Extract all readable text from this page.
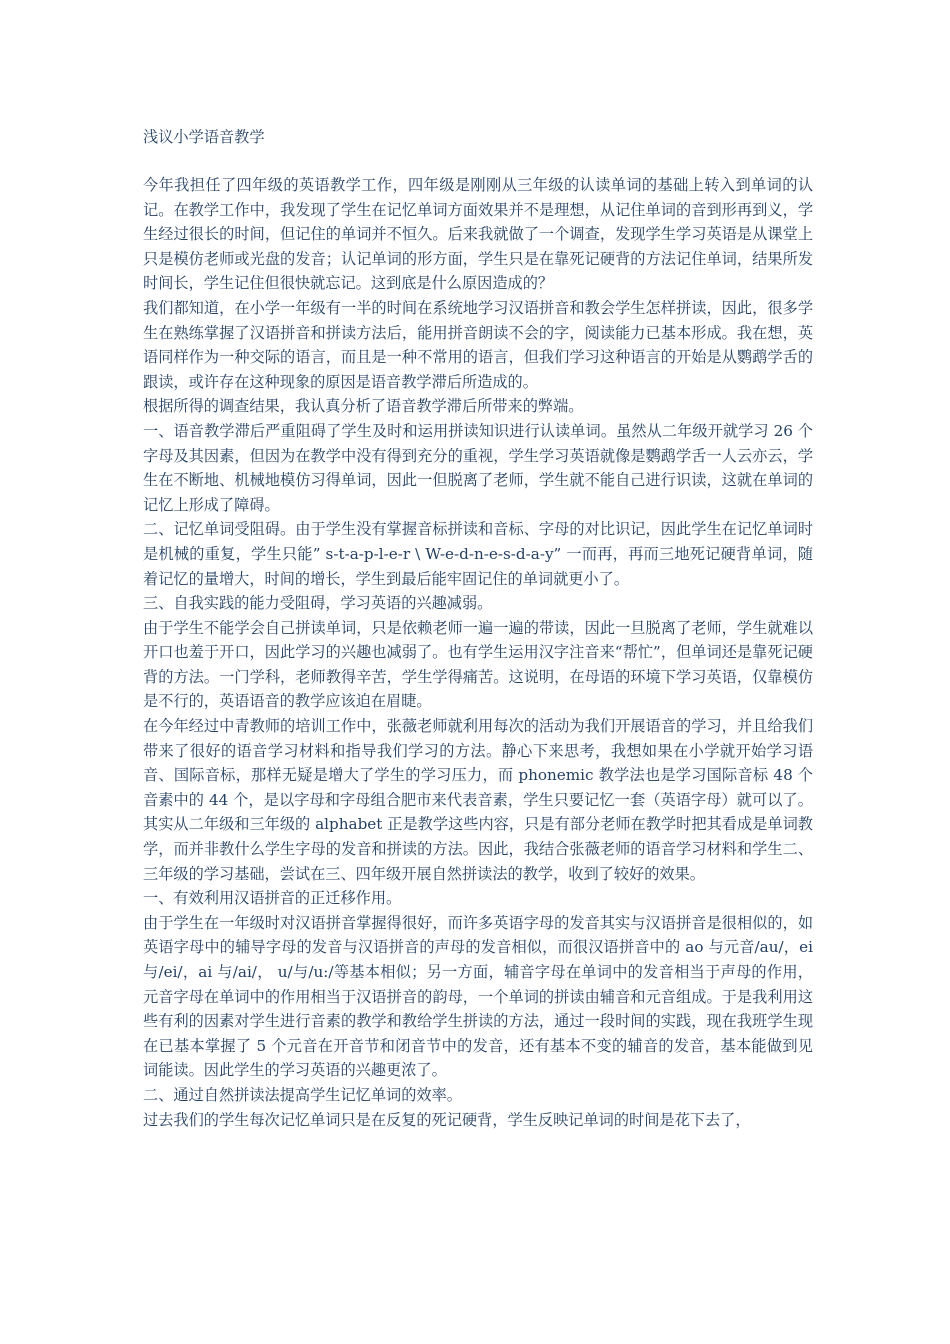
浅议小学语音教学

今年我担任了四年级的英语教学工作，四年级是刚刚从三年级的认读单词的基础上转入到单词的认记。在教学工作中，我发现了学生在记忆单词方面效果并不是理想，从记住单词的音到形再到义，学生经过很长的时间，但记住的单词并不恒久。后来我就做了一个调查，发现学生学习英语是从课堂上只是模仿老师或光盘的发音；认记单词的形方面，学生只是在靠死记硬背的方法记住单词，结果所发时间长，学生记住但很快就忘记。这到底是什么原因造成的？

我们都知道，在小学一年级有一半的时间在系统地学习汉语拼音和教会学生怎样拼读，因此，很多学生在熟练掌握了汉语拼音和拼读方法后，能用拼音朗读不会的字，阅读能力已基本形成。我在想，英语同样作为一种交际的语言，而且是一种不常用的语言，但我们学习这种语言的开始是从鹦鹉学舌的跟读，或许存在这种现象的原因是语音教学滞后所造成的。

根据所得的调查结果，我认真分析了语音教学滞后所带来的弊端。

一、语音教学滞后严重阻碍了学生及时和运用拼读知识进行认读单词。虽然从二年级开就学习 26 个字母及其因素，但因为在教学中没有得到充分的重视，学生学习英语就像是鹦鹉学舌一人云亦云，学生在不断地、机械地模仿习得单词，因此一但脱离了老师，学生就不能自己进行识读，这就在单词的记忆上形成了障碍。

二、记忆单词受阻碍。由于学生没有掌握音标拼读和音标、字母的对比识记，因此学生在记忆单词时是机械的重复，学生只能” s-t-a-p-l-e-r \ W-e-d-n-e-s-d-a-y” 一而再，再而三地死记硬背单词，随着记忆的量增大，时间的增长，学生到最后能牢固记住的单词就更小了。

三、自我实践的能力受阻碍，学习英语的兴趣减弱。

由于学生不能学会自己拼读单词，只是依赖老师一遍一遍的带读，因此一旦脱离了老师，学生就难以开口也羞于开口，因此学习的兴趣也减弱了。也有学生运用汉字注音来“帮忙”，但单词还是靠死记硬背的方法。一门学科，老师教得辛苦，学生学得痛苦。这说明，在母语的环境下学习英语，仅靠模仿是不行的，英语语音的教学应该迫在眉睫。

在今年经过中青教师的培训工作中，张薇老师就利用每次的活动为我们开展语音的学习，并且给我们带来了很好的语音学习材料和指导我们学习的方法。静心下来思考，我想如果在小学就开始学习语音、国际音标，那样无疑是增大了学生的学习压力，而 phonemic 教学法也是学习国际音标 48 个音素中的 44 个，是以字母和字母组合肥市来代表音素，学生只要记忆一套（英语字母）就可以了。其实从二年级和三年级的 alphabet 正是教学这些内容，只是有部分老师在教学时把其看成是单词教学，而并非教什么学生字母的发音和拼读的方法。因此，我结合张薇老师的语音学习材料和学生二、三年级的学习基础，尝试在三、四年级开展自然拼读法的教学，收到了较好的效果。

一、有效利用汉语拼音的正迁移作用。

由于学生在一年级时对汉语拼音掌握得很好，而许多英语字母的发音其实与汉语拼音是很相似的，如英语字母中的辅导字母的发音与汉语拼音的声母的发音相似，而很汉语拼音中的 ao 与元音/au/，ei 与/ei/，ai 与/ai/， u/与/u:/等基本相似；另一方面，辅音字母在单词中的发音相当于声母的作用，元音字母在单词中的作用相当于汉语拼音的韵母，一个单词的拼读由辅音和元音组成。于是我利用这些有利的因素对学生进行音素的教学和教给学生拼读的方法，通过一段时间的实践，现在我班学生现在已基本掌握了 5 个元音在开音节和闭音节中的发音，还有基本不变的辅音的发音，基本能做到见词能读。因此学生的学习英语的兴趣更浓了。

二、通过自然拼读法提高学生记忆单词的效率。

过去我们的学生每次记忆单词只是在反复的死记硬背，学生反映记单词的时间是花下去了，
